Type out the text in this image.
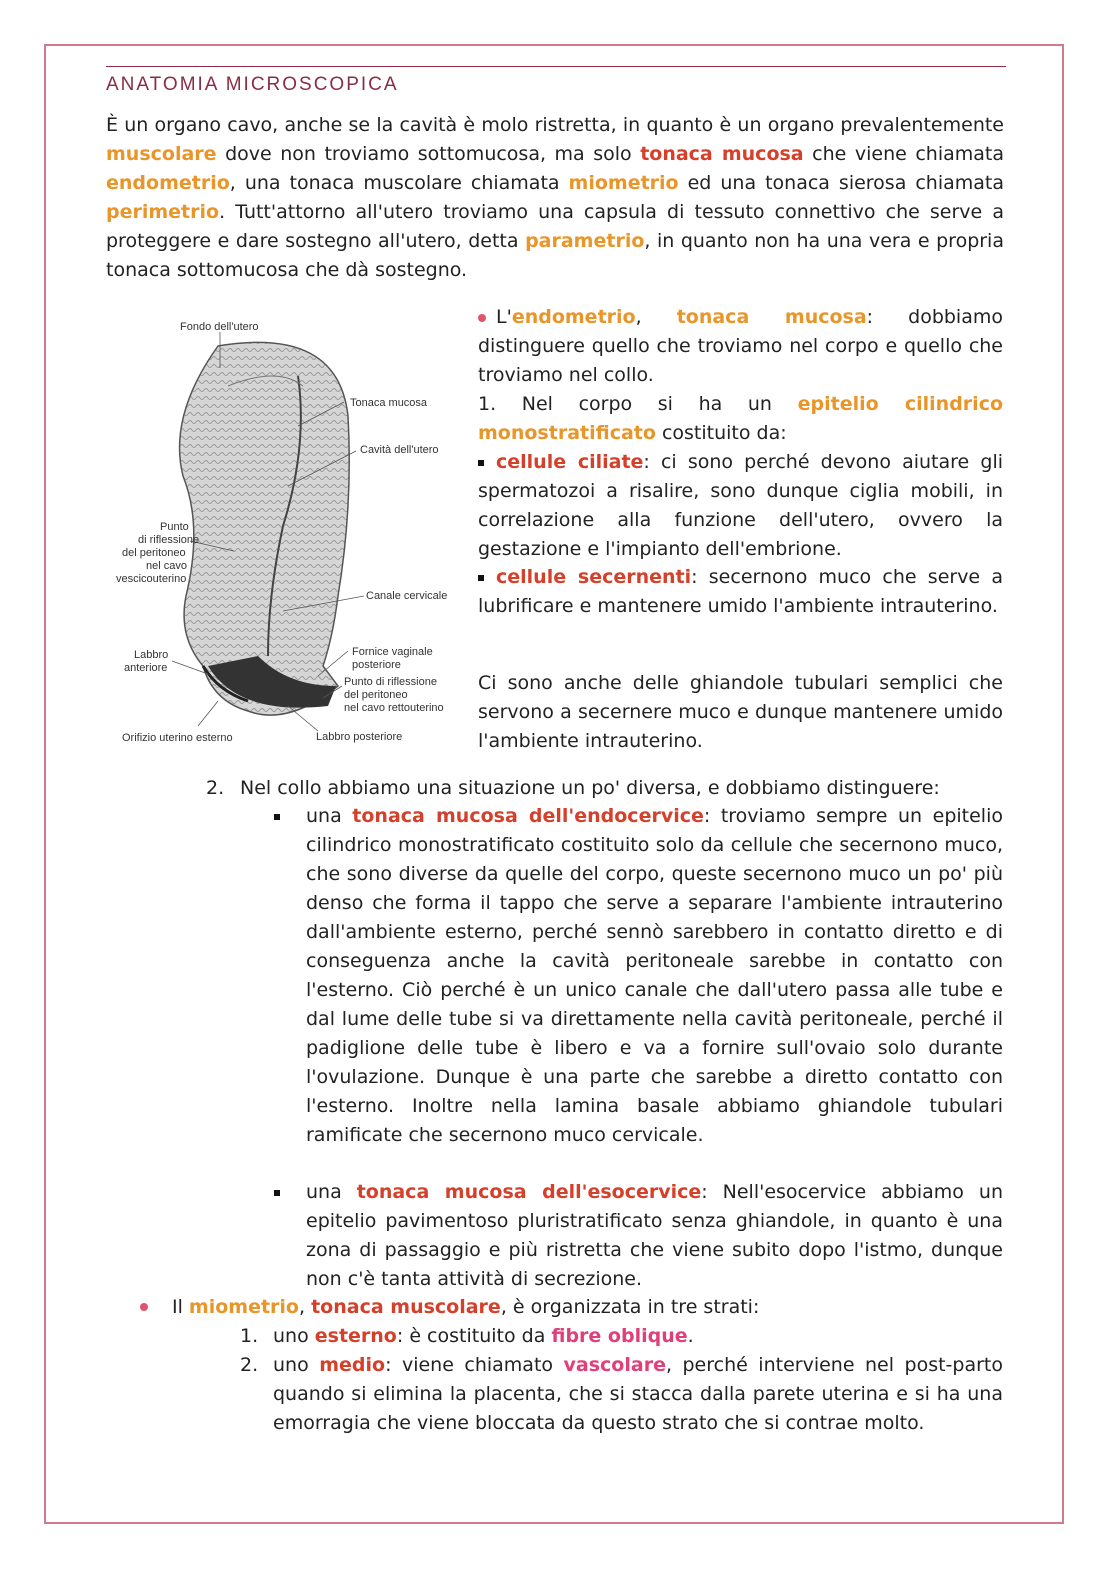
ANATOMIA MICROSCOPICA
È un organo cavo, anche se la cavità è molo ristretta, in quanto è un organo prevalentemente muscolare dove non troviamo sottomucosa, ma solo tonaca mucosa che viene chiamata endometrio, una tonaca muscolare chiamata miometrio ed una tonaca sierosa chiamata perimetrio. Tutt'attorno all'utero troviamo una capsula di tessuto connettivo che serve a proteggere e dare sostegno all'utero, detta parametrio, in quanto non ha una vera e propria tonaca sottomucosa che dà sostegno.
Fondo dell'utero
Tonaca mucosa
Cavità dell'utero
Punto
di riflessione
del peritoneo
nel cavo
vescicouterino
Canale cervicale
Labbro
anteriore
Fornice vaginale
posteriore
Punto di riflessione
del peritoneo
nel cavo rettouterino
Orifizio uterino esterno	Labbro posteriore
L'endometrio, tonaca mucosa: dobbiamo distinguere quello che troviamo nel corpo e quello che troviamo nel collo.
1. Nel corpo si ha un epitelio cilindrico monostratificato costituito da:
cellule ciliate: ci sono perché devono aiutare gli spermatozoi a risalire, sono dunque ciglia mobili, in correlazione alla funzione dell'utero, ovvero la gestazione e l'impianto dell'embrione.
cellule secernenti: secernono muco che serve a lubrificare e mantenere umido l'ambiente intrauterino.
Ci sono anche delle ghiandole tubulari semplici che servono a secernere muco e dunque mantenere umido l'ambiente intrauterino.
2. Nel collo abbiamo una situazione un po' diversa, e dobbiamo distinguere:
una tonaca mucosa dell'endocervice: troviamo sempre un epitelio cilindrico monostratificato costituito solo da cellule che secernono muco, che sono diverse da quelle del corpo, queste secernono muco un po' più denso che forma il tappo che serve a separare l'ambiente intrauterino dall'ambiente esterno, perché sennò sarebbero in contatto diretto e di conseguenza anche la cavità peritoneale sarebbe in contatto con l'esterno. Ciò perché è un unico canale che dall'utero passa alle tube e dal lume delle tube si va direttamente nella cavità peritoneale, perché il padiglione delle tube è libero e va a fornire sull'ovaio solo durante l'ovulazione. Dunque è una parte che sarebbe a diretto contatto con l'esterno. Inoltre nella lamina basale abbiamo ghiandole tubulari ramificate che secernono muco cervicale.
una tonaca mucosa dell'esocervice: Nell'esocervice abbiamo un epitelio pavimentoso pluristratificato senza ghiandole, in quanto è una zona di passaggio e più ristretta che viene subito dopo l'istmo, dunque non c'è tanta attività di secrezione.
Il miometrio, tonaca muscolare, è organizzata in tre strati:
1. uno esterno: è costituito da fibre oblique.
2. uno medio: viene chiamato vascolare, perché interviene nel post-parto quando si elimina la placenta, che si stacca dalla parete uterina e si ha una emorragia che viene bloccata da questo strato che si contrae molto.
